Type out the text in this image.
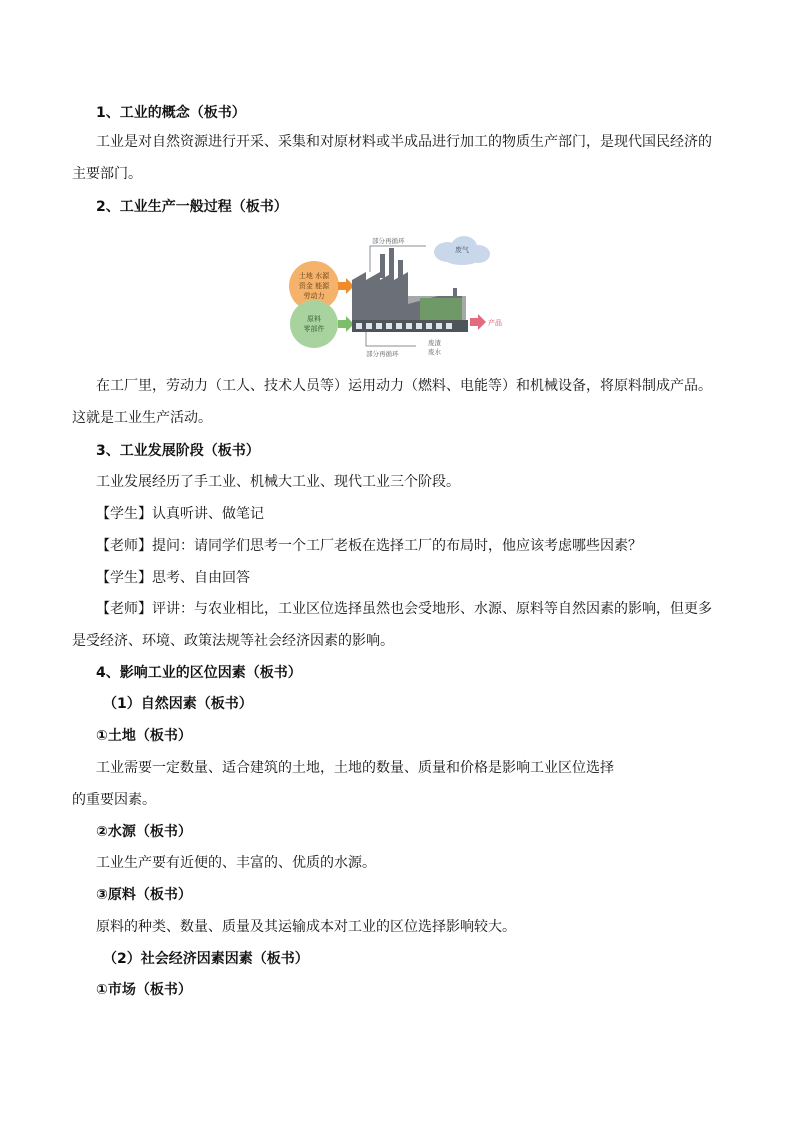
1、工业的概念（板书）
工业是对自然资源进行开采、采集和对原材料或半成品进行加工的物质生产部门，是现代国民经济的
主要部门。
2、工业生产一般过程（板书）
土地 水源
资金 能源
劳动力
原料
零部件
部分再循环
废气
产品
部分再循环
废渣
废水
在工厂里，劳动力（工人、技术人员等）运用动力（燃料、电能等）和机械设备，将原料制成产品。
这就是工业生产活动。
3、工业发展阶段（板书）
工业发展经历了手工业、机械大工业、现代工业三个阶段。
【学生】认真听讲、做笔记
【老师】提问：请同学们思考一个工厂老板在选择工厂的布局时，他应该考虑哪些因素？
【学生】思考、自由回答
【老师】评讲：与农业相比，工业区位选择虽然也会受地形、水源、原料等自然因素的影响，但更多
是受经济、环境、政策法规等社会经济因素的影响。
4、影响工业的区位因素（板书）
（1）自然因素（板书）
①土地（板书）
工业需要一定数量、适合建筑的土地，土地的数量、质量和价格是影响工业区位选择
的重要因素。
②水源（板书）
工业生产要有近便的、丰富的、优质的水源。
③原料（板书）
原料的种类、数量、质量及其运输成本对工业的区位选择影响较大。
（2）社会经济因素因素（板书）
①市场（板书）
